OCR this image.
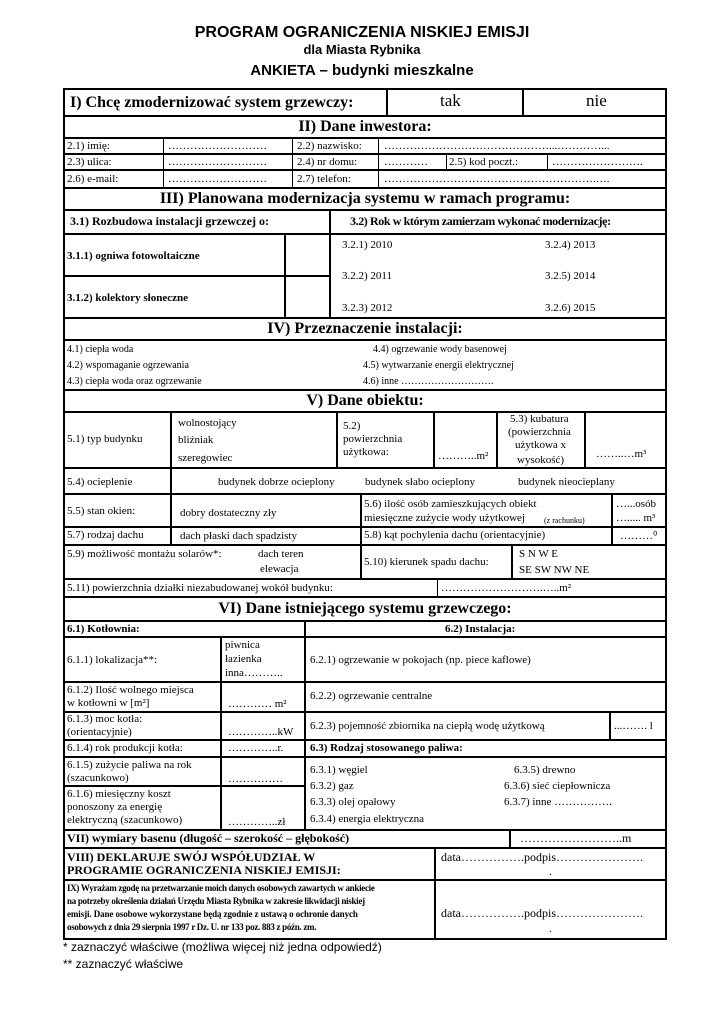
PROGRAM OGRANICZENIA NISKIEJ EMISJI
dla Miasta Rybnika
ANKIETA – budynki mieszkalne
I) Chcę zmodernizować system grzewczy:	tak	nie
II) Dane inwestora:
2.1) imię:	………………………	2.2) nazwisko: ………………………………………...…………...
2.3) ulica:	………………………	2.4) nr domu: ………… 2.5) kod poczt.:	…………………….
2.6) e-mail:	………………………	2.7) telefon:	………………………………………………….….
III) Planowana modernizacja systemu w ramach programu:
3.1) Rozbudowa instalacji grzewczej o:	3.2) Rok w którym zamierzam wykonać modernizację:
3.1.1) ogniwa fotowoltaiczne
3.1.2) kolektory słoneczne
3.2.1) 2010
3.2.2) 2011
3.2.3) 2012
3.2.4) 2013
3.2.5) 2014
3.2.6) 2015
IV) Przeznaczenie instalacji:
4.1) ciepła woda
4.2) wspomaganie ogrzewania
4.3) ciepła woda oraz ogrzewanie
4.4) ogrzewanie wody basenowej
4.5) wytwarzanie energii elektrycznej
4.6) inne ……………………….
V) Dane obiektu:
5.1) typ budynku
wolnostojący
bliźniak
szeregowiec
5.2)
powierzchnia
użytkowa:	………..m²
5.3) kubatura
(powierzchnia
użytkowa x
wysokość)	……..…m³
5.4) ocieplenie	budynek dobrze ocieplony	budynek słabo ocieplony	budynek nieocieplany
5.5) stan okien:	dobry dostateczny zły
5.6) ilość osób zamieszkujących obiekt
miesięczne zużycie wody użytkowej (z rachunku)
…...osób
…..... m³
5.7) rodzaj dachu	dach płaski dach spadzisty	5.8) kąt pochylenia dachu (orientacyjnie)	………⁰
5.9) możliwość montażu solarów*:	dach teren
elewacja
5.10) kierunek spadu dachu:
S N W E
SE SW NW NE
5.11) powierzchnia działki niezabudowanej wokół budynku:	……………………….…..m²
VI) Dane istniejącego systemu grzewczego:
6.1) Kotłownia:	6.2) Instalacja:
6.1.1) lokalizacja**:
piwnica
łazienka
inna………..
6.2.1) ogrzewanie w pokojach (np. piece kaflowe)
6.1.2) Ilość wolnego miejsca
w kotłowni w [m²]	………… m²
6.2.2) ogrzewanie centralne
6.1.3) moc kotła:
(orientacyjnie)	…………..kW 6.2.3) pojemność zbiornika na ciepłą wodę użytkową	...……. l
6.1.4) rok produkcji kotła:	…………..r. 6.3) Rodzaj stosowanego paliwa:
6.1.5) zużycie paliwa na rok
(szacunkowo)	……………
6.1.6) miesięczny koszt
ponoszony za energię
elektryczną (szacunkowo)	…………..zł
6.3.1) węgiel
6.3.2) gaz
6.3.3) olej opałowy
6.3.4) energia elektryczna
6.3.5) drewno
6.3.6) sieć ciepłownicza
6.3.7) inne …………….
VII) wymiary basenu (długość – szerokość – głębokość)	……………………..m
VIII) DEKLARUJE SWÓJ WSPÓŁUDZIAŁ W
PROGRAMIE OGRANICZENIA NISKIEJ EMISJI:
data…………….podpis………………….
.
IX) Wyrażam zgodę na przetwarzanie moich danych osobowych zawartych w ankiecie
na potrzeby określenia działań Urzędu Miasta Rybnika w zakresie likwidacji niskiej
emisji. Dane osobowe wykorzystane będą zgodnie z ustawą o ochronie danych
osobowych z dnia 29 sierpnia 1997 r Dz. U. nr 133 poz. 883 z późn. zm.
data…………….podpis………………….
.
* zaznaczyć właściwe (możliwa więcej niż jedna odpowiedź)
** zaznaczyć właściwe
